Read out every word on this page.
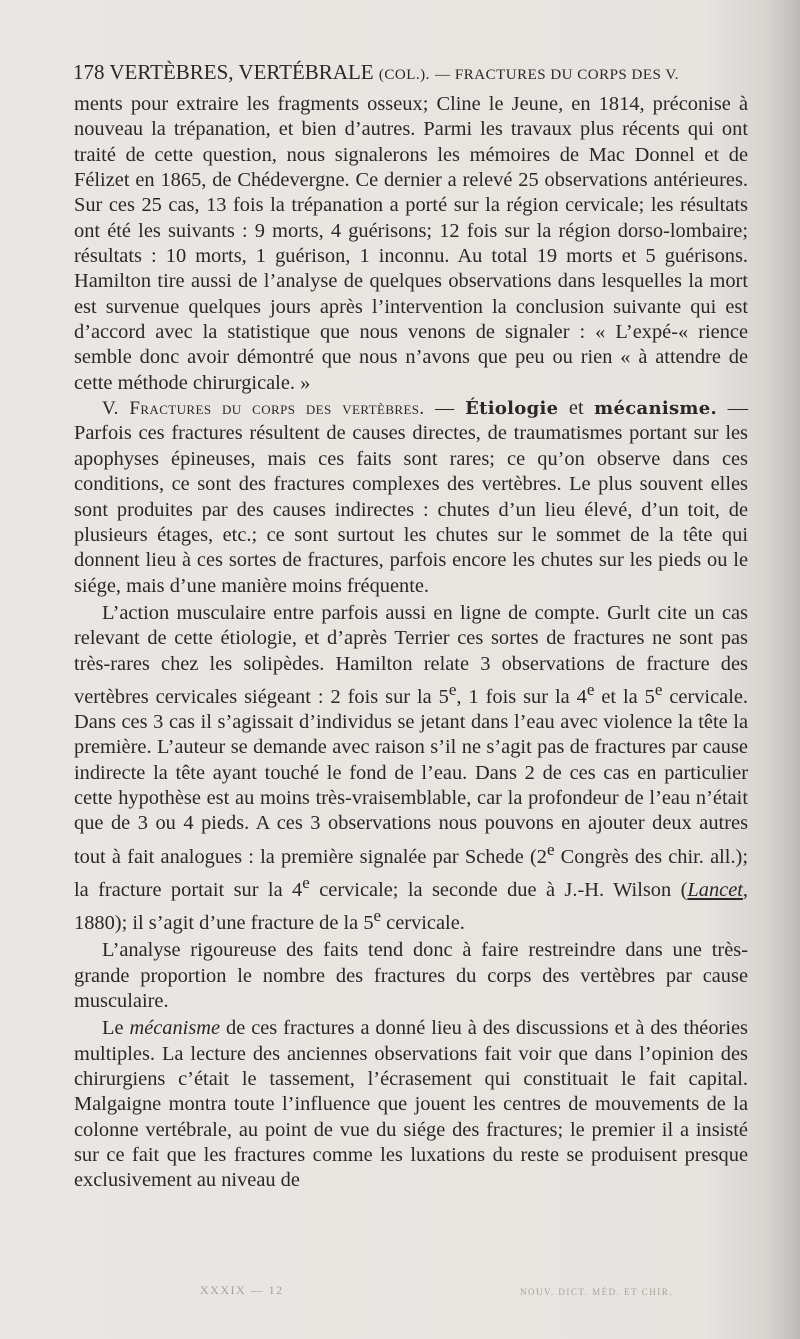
178 VERTÈBRES, VERTÉBRALE (COL.). — FRACTURES DU CORPS DES V.

ments pour extraire les fragments osseux; Cline le Jeune, en 1814, préconise à nouveau la trépanation, et bien d’autres. Parmi les travaux plus récents qui ont traité de cette question, nous signalerons les mémoires de Mac Donnel et de Félizet en 1865, de Chédevergne. Ce dernier a relevé 25 observations antérieures. Sur ces 25 cas, 13 fois la trépanation a porté sur la région cervicale; les résultats ont été les suivants : 9 morts, 4 guérisons; 12 fois sur la région dorso-lombaire; résultats : 10 morts, 1 guérison, 1 inconnu. Au total 19 morts et 5 guérisons. Hamilton tire aussi de l’analyse de quelques observations dans lesquelles la mort est survenue quelques jours après l’intervention la conclusion suivante qui est d’accord avec la statistique que nous venons de signaler : « L’expé-« rience semble donc avoir démontré que nous n’avons que peu ou rien « à attendre de cette méthode chirurgicale. »

V. Fractures du corps des vertèbres. — Étiologie et mécanisme. — Parfois ces fractures résultent de causes directes, de traumatismes portant sur les apophyses épineuses, mais ces faits sont rares; ce qu’on observe dans ces conditions, ce sont des fractures complexes des vertèbres. Le plus souvent elles sont produites par des causes indirectes : chutes d’un lieu élevé, d’un toit, de plusieurs étages, etc.; ce sont surtout les chutes sur le sommet de la tête qui donnent lieu à ces sortes de fractures, parfois encore les chutes sur les pieds ou le siége, mais d’une manière moins fréquente.

L’action musculaire entre parfois aussi en ligne de compte. Gurlt cite un cas relevant de cette étiologie, et d’après Terrier ces sortes de fractures ne sont pas très-rares chez les solipèdes. Hamilton relate 3 observations de fracture des vertèbres cervicales siégeant : 2 fois sur la 5e, 1 fois sur la 4e et la 5e cervicale. Dans ces 3 cas il s’agissait d’individus se jetant dans l’eau avec violence la tête la première. L’auteur se demande avec raison s’il ne s’agit pas de fractures par cause indirecte la tête ayant touché le fond de l’eau. Dans 2 de ces cas en particulier cette hypothèse est au moins très-vraisemblable, car la profondeur de l’eau n’était que de 3 ou 4 pieds. A ces 3 observations nous pouvons en ajouter deux autres tout à fait analogues : la première signalée par Schede (2e Congrès des chir. all.); la fracture portait sur la 4e cervicale; la seconde due à J.-H. Wilson (Lancet, 1880); il s’agit d’une fracture de la 5e cervicale.

L’analyse rigoureuse des faits tend donc à faire restreindre dans une très-grande proportion le nombre des fractures du corps des vertèbres par cause musculaire.

Le mécanisme de ces fractures a donné lieu à des discussions et à des théories multiples. La lecture des anciennes observations fait voir que dans l’opinion des chirurgiens c’était le tassement, l’écrasement qui constituait le fait capital. Malgaigne montra toute l’influence que jouent les centres de mouvements de la colonne vertébrale, au point de vue du siége des fractures; le premier il a insisté sur ce fait que les fractures comme les luxations du reste se produisent presque exclusivement au niveau de

XXXIX — 12	NOUV. DICT. MÉD. ET CHIR.
